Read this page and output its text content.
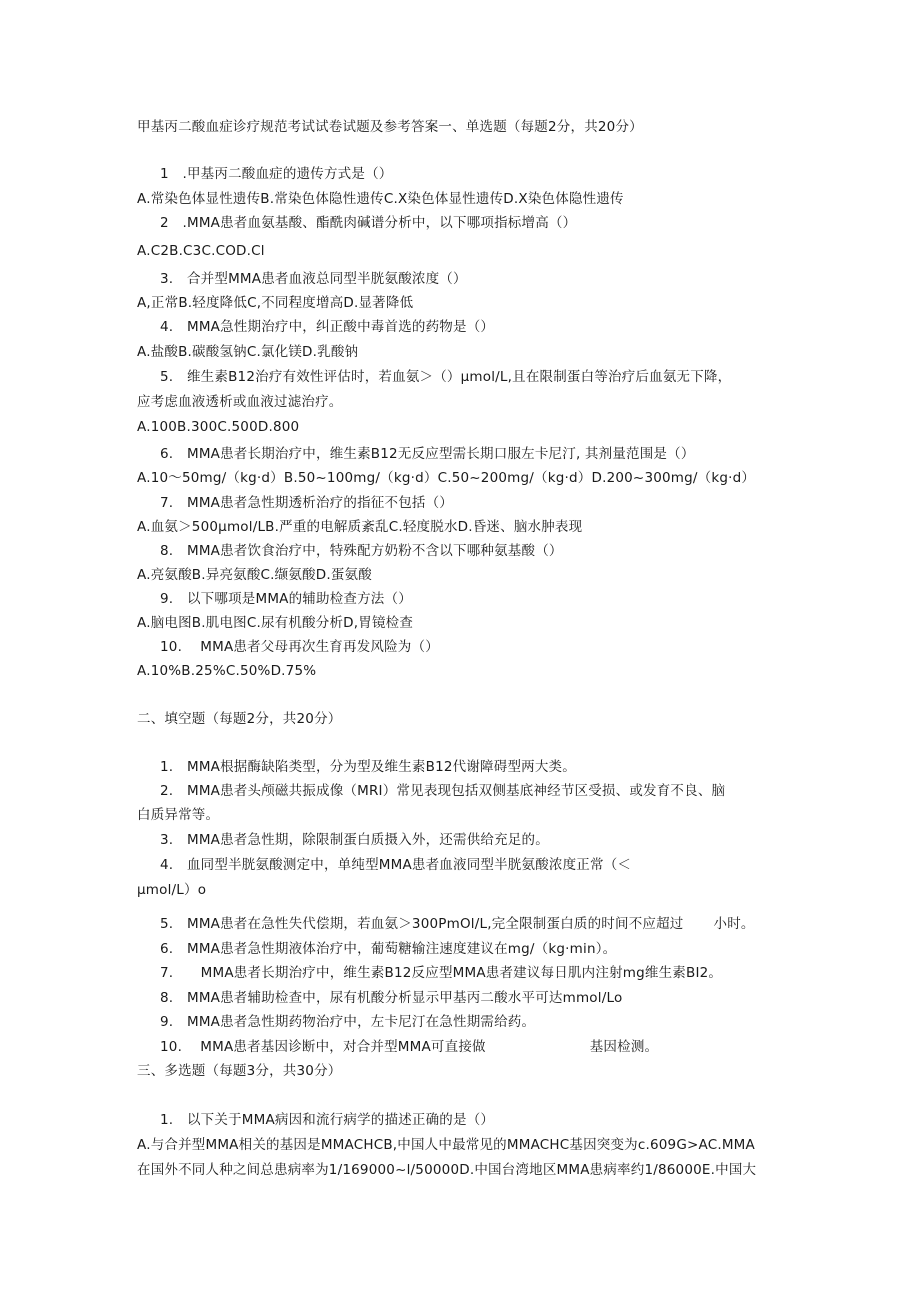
甲基丙二酸血症诊疗规范考试试卷试题及参考答案一、单选题（每题2分，共20分）
1　.甲基丙二酸血症的遗传方式是（）
A.常染色体显性遗传B.常染色体隐性遗传C.X染色体显性遗传D.X染色体隐性遗传
2　.MMA患者血氨基酸、酯酰肉碱谱分析中，以下哪项指标增高（）
A.C2B.C3C.COD.Cl
3.　合并型MMA患者血液总同型半胱氨酸浓度（）
A,正常B.轻度降低C,不同程度增高D.显著降低
4.　MMA急性期治疗中，纠正酸中毒首选的药物是（）
A.盐酸B.碳酸氢钠C.氯化镁D.乳酸钠
5.　维生素B12治疗有效性评估时，若血氨＞（）μmol∕L,且在限制蛋白等治疗后血氨无下降，
应考虑血液透析或血液过滤治疗。
A.100B.300C.500D.800
6.　MMA患者长期治疗中，维生素B12无反应型需长期口服左卡尼汀, 其剂量范围是（）
A.10～50mg∕（kg·d）B.50~100mg∕（kg·d）C.50~200mg∕（kg·d）D.200~300mg∕（kg·d）
7.　MMA患者急性期透析治疗的指征不包括（）
A.血氨＞500μmol∕LB.严重的电解质紊乱C.轻度脱水D.昏迷、脑水肿表现
8.　MMA患者饮食治疗中，特殊配方奶粉不含以下哪种氨基酸（）
A.亮氨酸B.异亮氨酸C.缬氨酸D.蛋氨酸
9.　以下哪项是MMA的辅助检查方法（）
A.脑电图B.肌电图C.尿有机酸分析D,胃镜检查
10.　 MMA患者父母再次生育再发风险为（）
A.10%B.25%C.50%D.75%
二、填空题（每题2分，共20分）
1.　MMA根据酶缺陷类型，分为型及维生素B12代谢障碍型两大类。
2.　MMA患者头颅磁共振成像（MRI）常见表现包括双侧基底神经节区受损、或发育不良、脑
白质异常等。
3.　MMA患者急性期，除限制蛋白质摄入外，还需供给充足的。
4.　血同型半胱氨酸测定中，单纯型MMA患者血液同型半胱氨酸浓度正常（＜
μmol∕L）o
5.　MMA患者在急性失代偿期，若血氨＞300PmOl/L,完全限制蛋白质的时间不应超过 小时。
6.　MMA患者急性期液体治疗中，葡萄糖输注速度建议在mg∕（kg·min）。
7.　　MMA患者长期治疗中，维生素B12反应型MMA患者建议每日肌内注射mg维生素BI2。
8.　MMA患者辅助检查中，尿有机酸分析显示甲基丙二酸水平可达mmol/Lo
9.　MMA患者急性期药物治疗中，左卡尼汀在急性期需给药。
10.　 MMA患者基因诊断中，对合并型MMA可直接做	基因检测。
三、多选题（每题3分，共30分）
1.　以下关于MMA病因和流行病学的描述正确的是（）
A.与合并型MMA相关的基因是MMACHCB,中国人中最常见的MMACHC基因突变为c.609G>AC.MMA
在国外不同人种之间总患病率为1/169000~l∕50000D.中国台湾地区MMA患病率约1/86000E.中国大
